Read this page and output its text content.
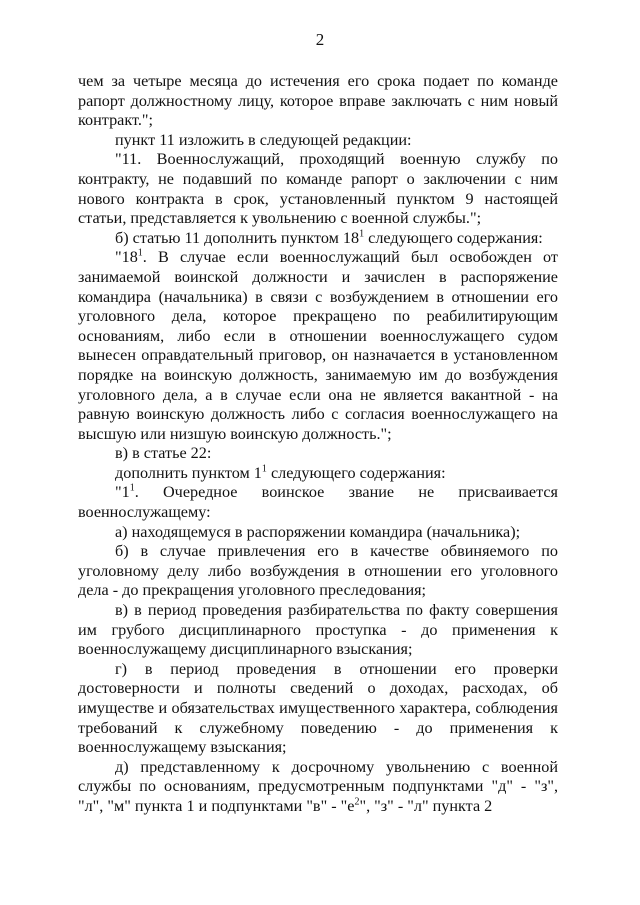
2

чем за четыре месяца до истечения его срока подает по команде рапорт должностному лицу, которое вправе заключать с ним новый контракт.";

пункт 11 изложить в следующей редакции:

"11. Военнослужащий, проходящий военную службу по контракту, не подавший по команде рапорт о заключении с ним нового контракта в срок, установленный пунктом 9 настоящей статьи, представляется к увольнению с военной службы.";

б) статью 11 дополнить пунктом $18^1$ следующего содержания:

"$18^1$. В случае если военнослужащий был освобожден от занимаемой воинской должности и зачислен в распоряжение командира (начальника) в связи с возбуждением в отношении его уголовного дела, которое прекращено по реабилитирующим основаниям, либо если в отношении военнослужащего судом вынесен оправдательный приговор, он назначается в установленном порядке на воинскую должность, занимаемую им до возбуждения уголовного дела, а в случае если она не является вакантной - на равную воинскую должность либо с согласия военнослужащего на высшую или низшую воинскую должность.";

в) в статье 22:

дополнить пунктом $1^1$ следующего содержания:

"$1^1$. Очередное воинское звание не присваивается военнослужащему:

а) находящемуся в распоряжении командира (начальника);

б) в случае привлечения его в качестве обвиняемого по уголовному делу либо возбуждения в отношении его уголовного дела - до прекращения уголовного преследования;

в) в период проведения разбирательства по факту совершения им грубого дисциплинарного проступка - до применения к военнослужащему дисциплинарного взыскания;

г) в период проведения в отношении его проверки достоверности и полноты сведений о доходах, расходах, об имуществе и обязательствах имущественного характера, соблюдения требований к служебному поведению - до применения к военнослужащему взыскания;

д) представленному к досрочному увольнению с военной службы по основаниям, предусмотренным подпунктами "д" - "з", "л", "м" пункта 1 и подпунктами "в" - "$е^2$", "з" - "л" пункта 2
